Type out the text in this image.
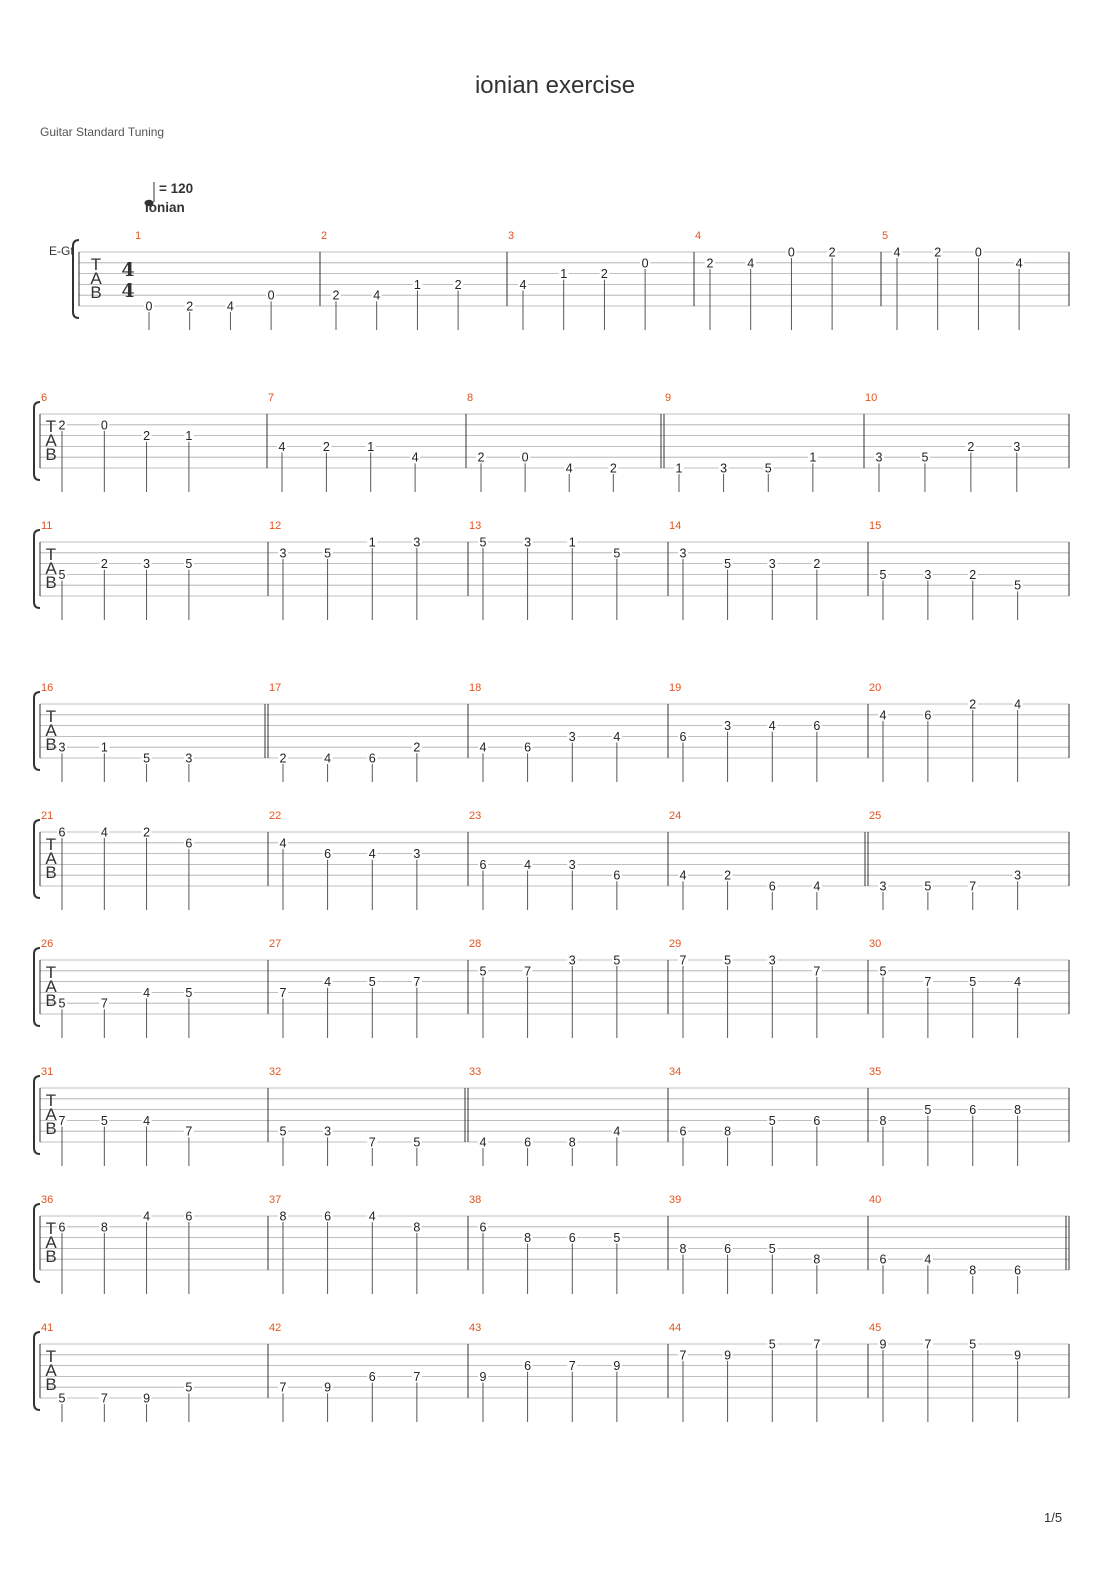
ionian exercise
Guitar Standard Tuning
= 120
Ionian
E-Gt
T
A
B
4
4
1
0	2	4
0
2
2	4
1	2
3
4
1	2
0
4
2	4
0	2
5
4	2	0
4
T
A
B
6
2	0
2	1
7
4	2	1
4
8
2	0
4	2
9
1	3	5
1
10
3	5
2	3
T
A
B
11
5
2	3	5
12
3	5
1	3
13
5	3	1
5
14
3
5	3	2
15
5	3	2
5
T
A
B
16
3	1
5	3
17
2	4	6
2
18
4	6
3	4
19
6
3	4	6
20
4	6
2	4
T
A
B
21
6	4	2
6
22
4
6	4	3
23
6	4	3
6
24
4	2
6	4
25
3	5	7
3
T
A
B
26
5	7
4	5
27
7
4	5	7
28
5	7
3	5
29
7	5	3
7
30
5
7	5	4
T
A
B
31
7	5	4
7
32
5	3
7	5
33
4	6	8
4
34
6	8
5	6
35
8
5	6	8
T
A
B
36
6	8
4	6
37
8	6	4
8
38
6
8	6	5
39
8	6	5
8
40
6	4
8	6
T
A
B
41
5	7	9
5
42
7	9
6	7
43
9
6	7	9
44
7	9
5	7
45
9	7	5
9
1/5
